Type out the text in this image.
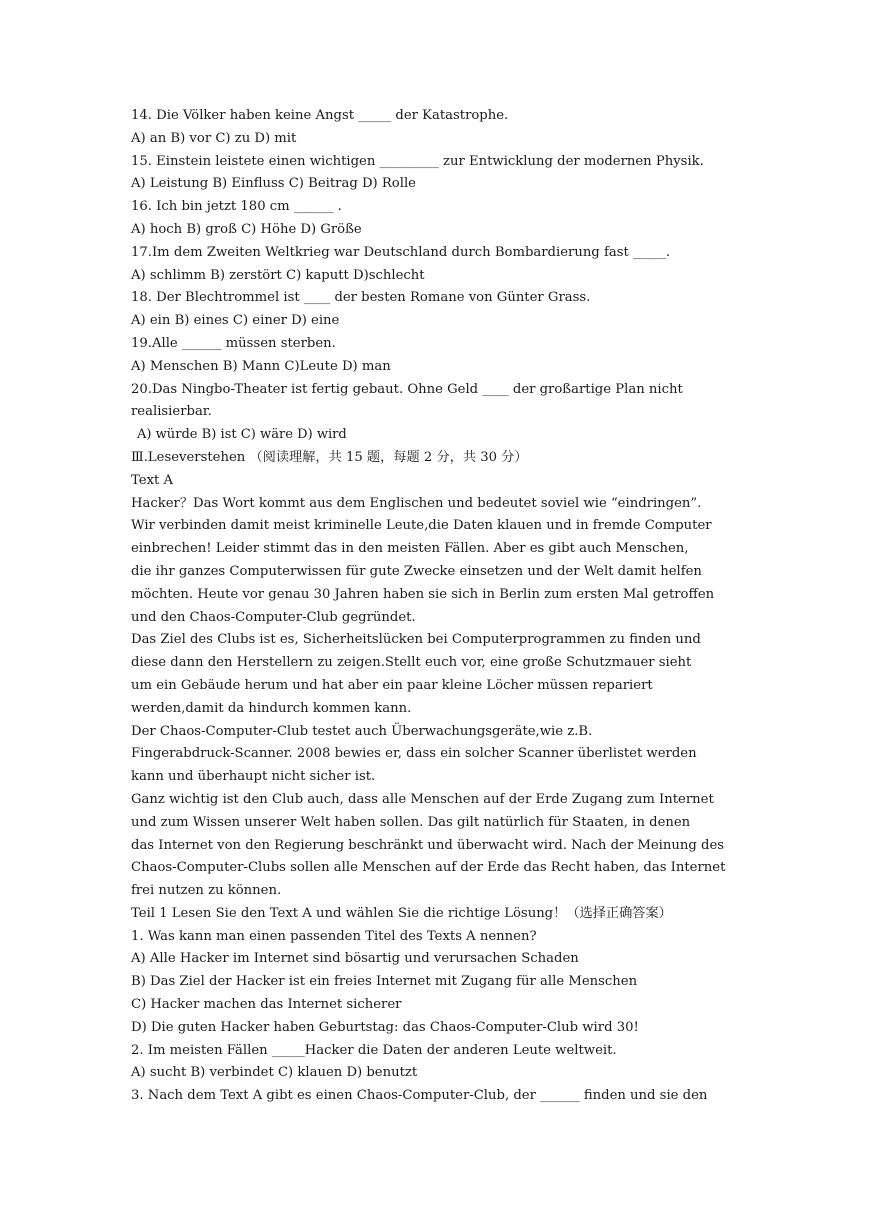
14. Die Völker haben keine Angst _____ der Katastrophe.
A) an B) vor C) zu D) mit
15. Einstein leistete einen wichtigen _________ zur Entwicklung der modernen Physik.
A) Leistung B) Einfluss C) Beitrag D) Rolle
16. Ich bin jetzt 180 cm ______ .
A) hoch B) groß C) Höhe D) Größe
17.Im dem Zweiten Weltkrieg war Deutschland durch Bombardierung fast _____.
A) schlimm B) zerstört C) kaputt D)schlecht
18. Der Blechtrommel ist ____ der besten Romane von Günter Grass.
A) ein B) eines C) einer D) eine
19.Alle ______ müssen sterben.
A) Menschen B) Mann C)Leute D) man
20.Das Ningbo-Theater ist fertig gebaut. Ohne Geld ____ der großartige Plan nicht
realisierbar.
A) würde B) ist C) wäre D) wird
Ⅲ.Leseverstehen （阅读理解，共 15 题，每题 2 分，共 30 分）
Text A
Hacker？Das Wort kommt aus dem Englischen und bedeutet soviel wie “eindringen”.
Wir verbinden damit meist kriminelle Leute,die Daten klauen und in fremde Computer
einbrechen! Leider stimmt das in den meisten Fällen. Aber es gibt auch Menschen,
die ihr ganzes Computerwissen für gute Zwecke einsetzen und der Welt damit helfen
möchten. Heute vor genau 30 Jahren haben sie sich in Berlin zum ersten Mal getroffen
und den Chaos-Computer-Club gegründet.
Das Ziel des Clubs ist es, Sicherheitslücken bei Computerprogrammen zu finden und
diese dann den Herstellern zu zeigen.Stellt euch vor, eine große Schutzmauer sieht
um ein Gebäude herum und hat aber ein paar kleine Löcher müssen repariert
werden,damit da hindurch kommen kann.
Der Chaos-Computer-Club testet auch Überwachungsgeräte,wie z.B.
Fingerabdruck-Scanner. 2008 bewies er, dass ein solcher Scanner überlistet werden
kann und überhaupt nicht sicher ist.
Ganz wichtig ist den Club auch, dass alle Menschen auf der Erde Zugang zum Internet
und zum Wissen unserer Welt haben sollen. Das gilt natürlich für Staaten, in denen
das Internet von den Regierung beschränkt und überwacht wird. Nach der Meinung des
Chaos-Computer-Clubs sollen alle Menschen auf der Erde das Recht haben, das Internet
frei nutzen zu können.
Teil 1 Lesen Sie den Text A und wählen Sie die richtige Lösung！（选择正确答案）
1. Was kann man einen passenden Titel des Texts A nennen?
A) Alle Hacker im Internet sind bösartig und verursachen Schaden
B) Das Ziel der Hacker ist ein freies Internet mit Zugang für alle Menschen
C) Hacker machen das Internet sicherer
D) Die guten Hacker haben Geburtstag: das Chaos-Computer-Club wird 30!
2. Im meisten Fällen _____Hacker die Daten der anderen Leute weltweit.
A) sucht B) verbindet C) klauen D) benutzt
3. Nach dem Text A gibt es einen Chaos-Computer-Club, der ______ finden und sie den
